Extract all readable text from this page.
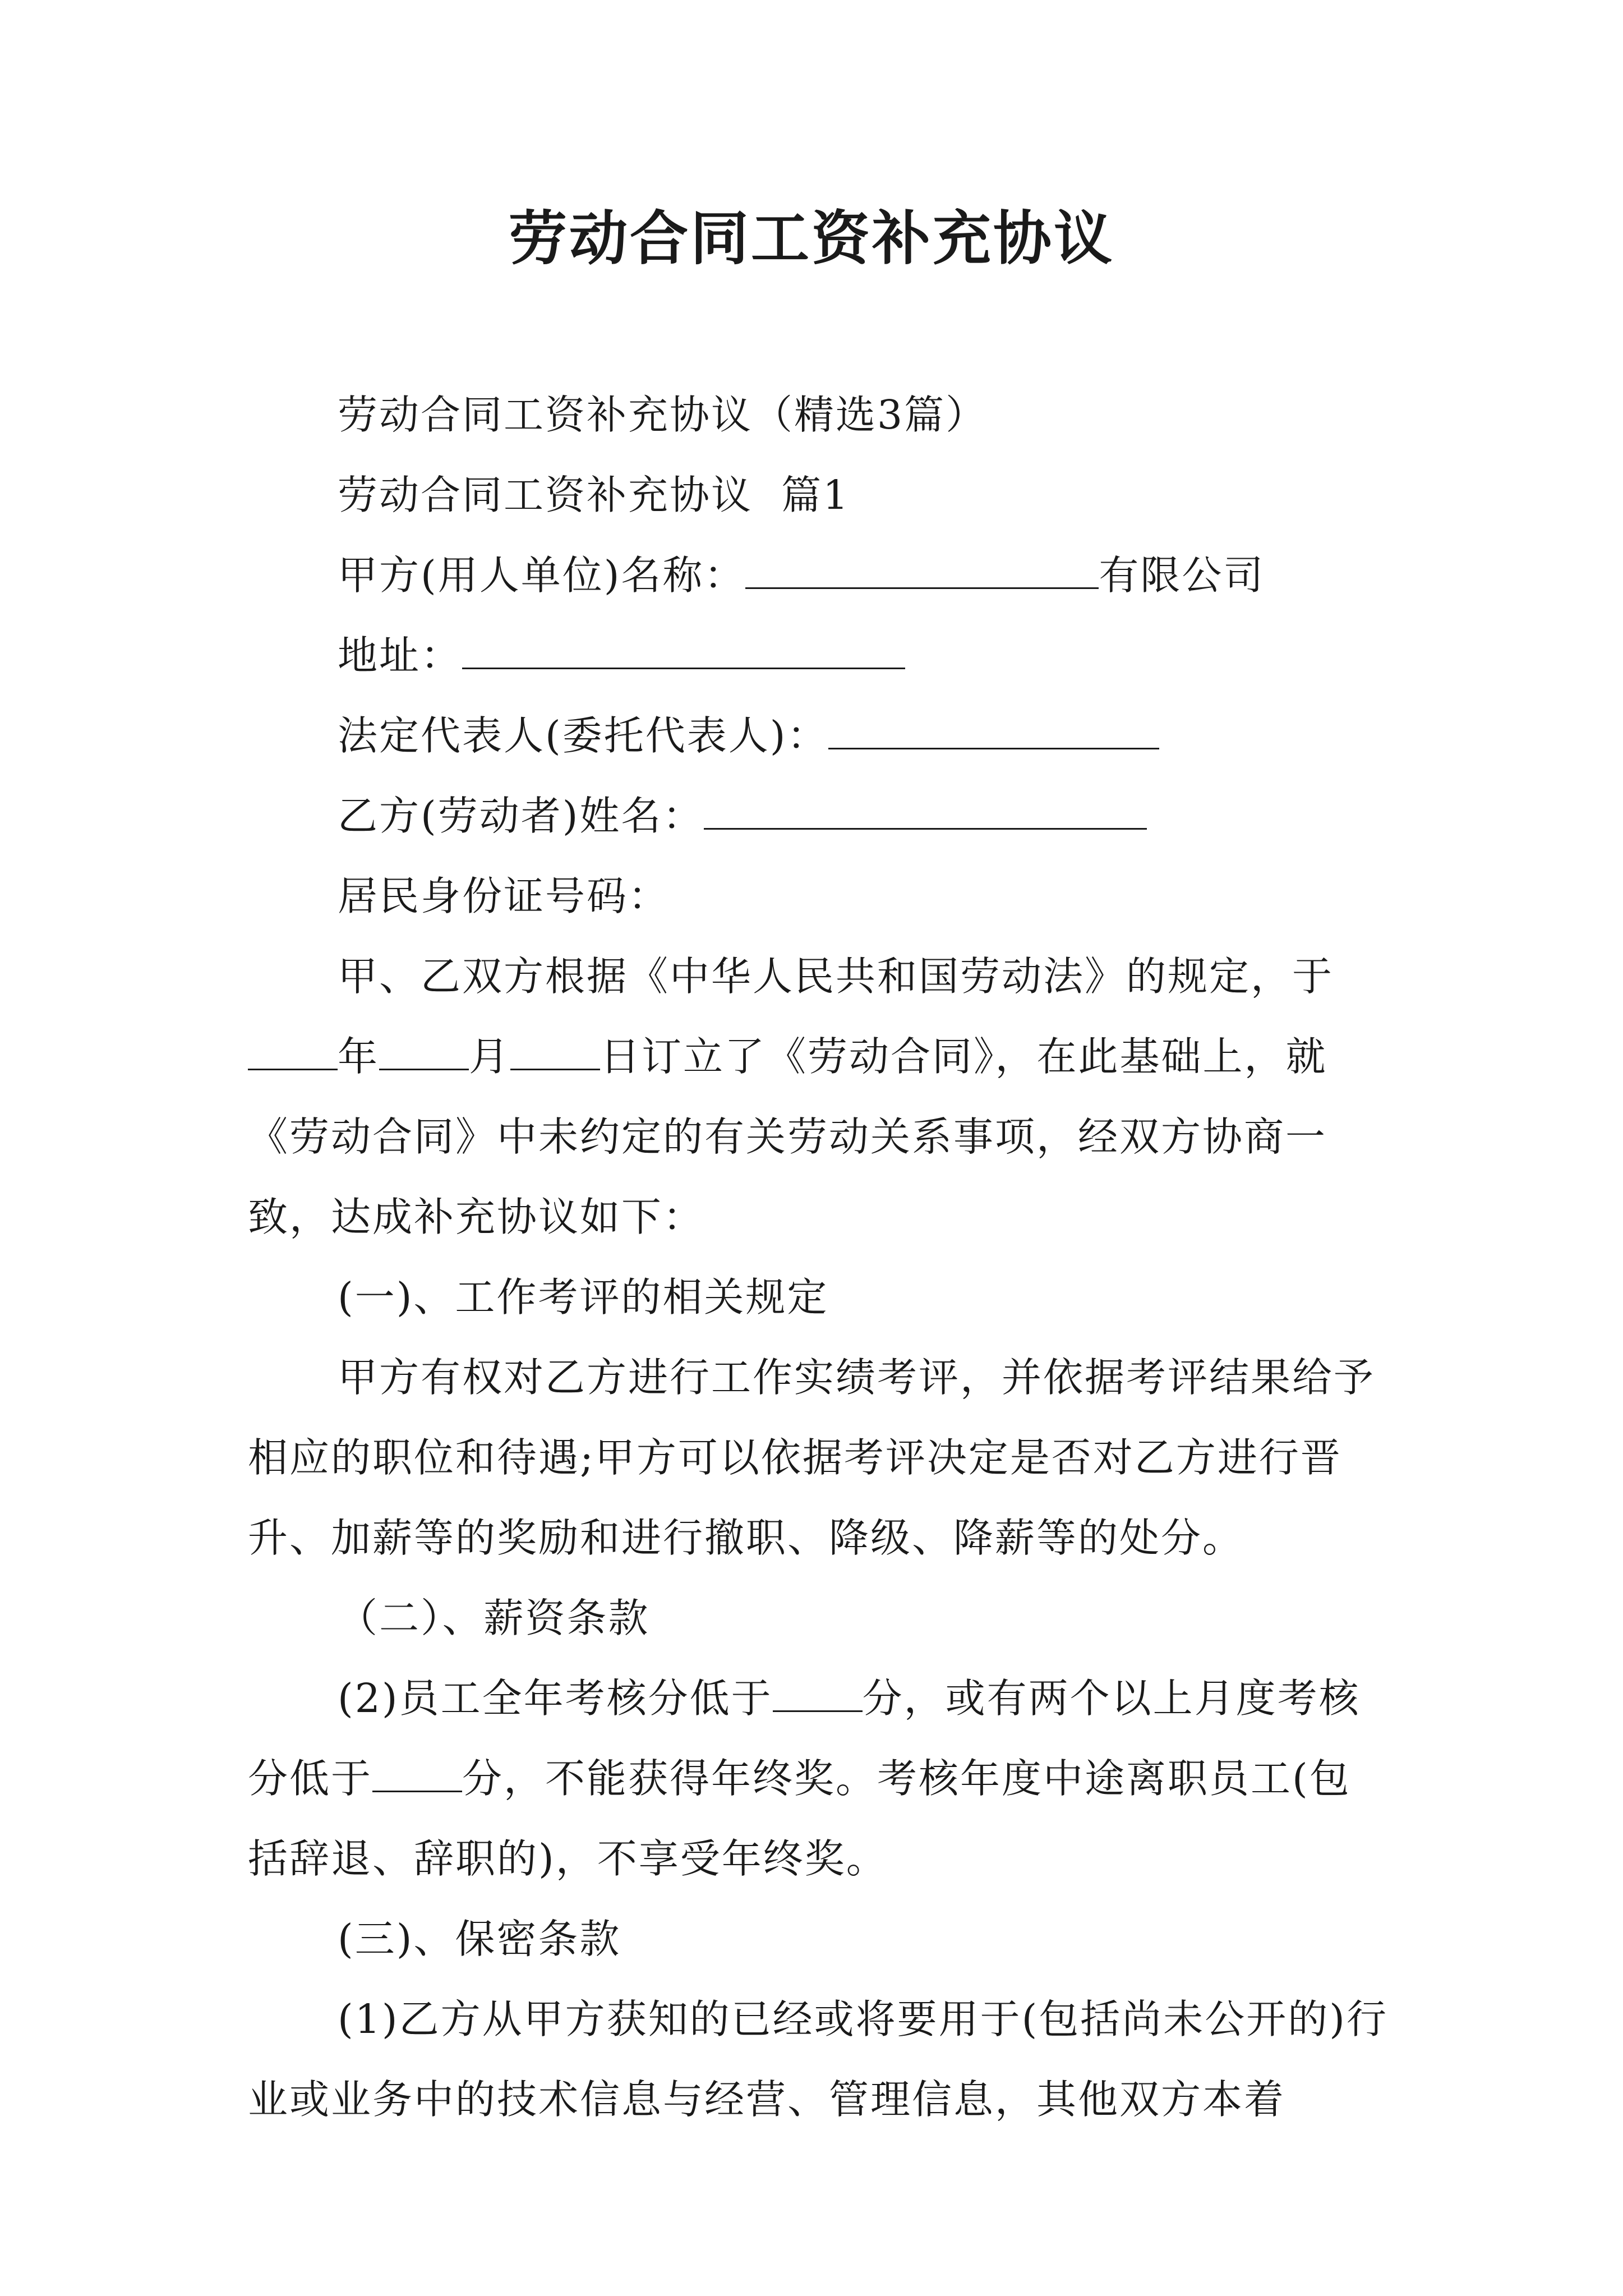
劳动合同工资补充协议

劳动合同工资补充协议（精选3篇）

劳动合同工资补充协议  篇1

甲方(用人单位)名称：	有限公司

地址：

法定代表人(委托代表人)：

乙方(劳动者)姓名：

居民身份证号码：

甲、乙双方根据《中华人民共和国劳动法》的规定，于年 月 日订立了《劳动合同》，在此基础上，就《劳动合同》中未约定的有关劳动关系事项，经双方协商一致，达成补充协议如下：

(一)、工作考评的相关规定

甲方有权对乙方进行工作实绩考评，并依据考评结果给予相应的职位和待遇;甲方可以依据考评决定是否对乙方进行晋升、加薪等的奖励和进行撤职、降级、降薪等的处分。

（二）、薪资条款

(2)员工全年考核分低于 分，或有两个以上月度考核分低于 分，不能获得年终奖。考核年度中途离职员工(包括辞退、辞职的)，不享受年终奖。

(三)、保密条款

(1)乙方从甲方获知的已经或将要用于(包括尚未公开的)行业或业务中的技术信息与经营、管理信息，其他双方本着
